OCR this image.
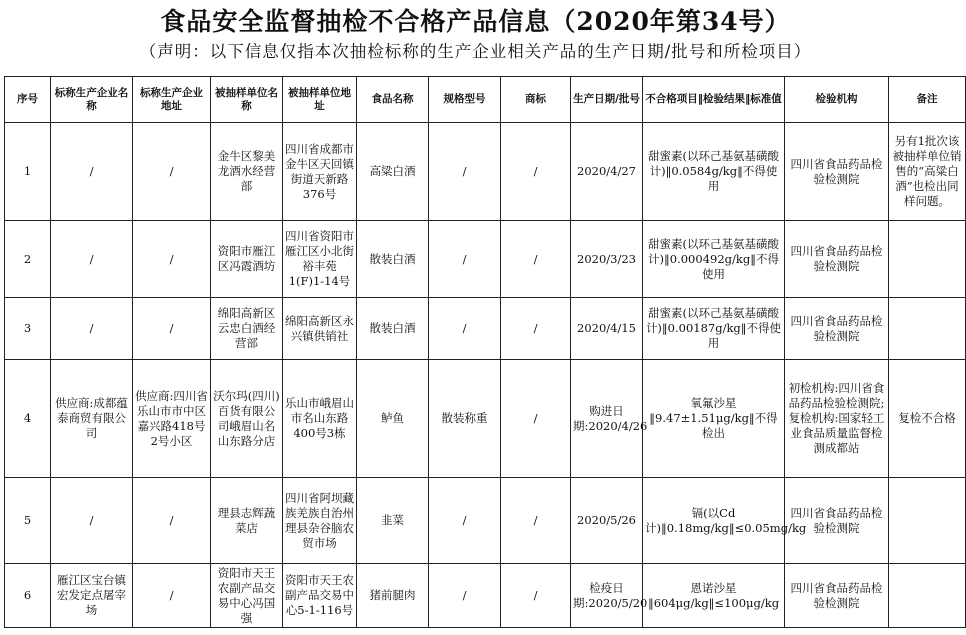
食品安全监督抽检不合格产品信息（2020年第34号）
（声明：以下信息仅指本次抽检标称的生产企业相关产品的生产日期/批号和所检项目）
序号	标称生产企业名称	标称生产企业地址	被抽样单位名称	被抽样单位地址	食品名称	规格型号	商标	生产日期/批号	不合格项目‖检验结果‖标准值	检验机构	备注
1	/	/	金牛区黎美龙酒水经营部	四川省成都市金牛区天回镇街道天新路376号	高粱白酒	/	/	2020/4/27	甜蜜素(以环己基氨基磺酸计)‖0.0584g/kg‖不得使用	四川省食品药品检验检测院	另有1批次该被抽样单位销售的“高粱白酒”也检出同样问题。
2	/	/	资阳市雁江区冯霞酒坊	四川省资阳市雁江区小北街裕丰苑1(F)1-14号	散装白酒	/	/	2020/3/23	甜蜜素(以环己基氨基磺酸计)‖0.000492g/kg‖不得使用	四川省食品药品检验检测院	
3	/	/	绵阳高新区云忠白酒经营部	绵阳高新区永兴镇供销社	散装白酒	/	/	2020/4/15	甜蜜素(以环己基氨基磺酸计)‖0.00187g/kg‖不得使用	四川省食品药品检验检测院	
4	供应商:成都蕴泰商贸有限公司	供应商:四川省乐山市市中区嘉兴路418号2号小区	沃尔玛(四川)百货有限公司峨眉山名山东路分店	乐山市峨眉山市名山东路400号3栋	鲈鱼	散装称重	/	购进日期:2020/4/26	氧氟沙星‖9.47±1.51μg/kg‖不得检出	初检机构:四川省食品药品检验检测院;复检机构:国家轻工业食品质量监督检测成都站	复检不合格
5	/	/	理县志辉蔬菜店	四川省阿坝藏族羌族自治州理县杂谷脑农贸市场	韭菜	/	/	2020/5/26	镉(以Cd计)‖0.18mg/kg‖≤0.05mg/kg	四川省食品药品检验检测院	
6	雁江区宝台镇宏发定点屠宰场	/	资阳市天王农副产品交易中心冯国强	资阳市天王农副产品交易中心5-1-116号	猪前腿肉	/	/	检疫日期:2020/5/20	恩诺沙星‖604μg/kg‖≤100μg/kg	四川省食品药品检验检测院	
